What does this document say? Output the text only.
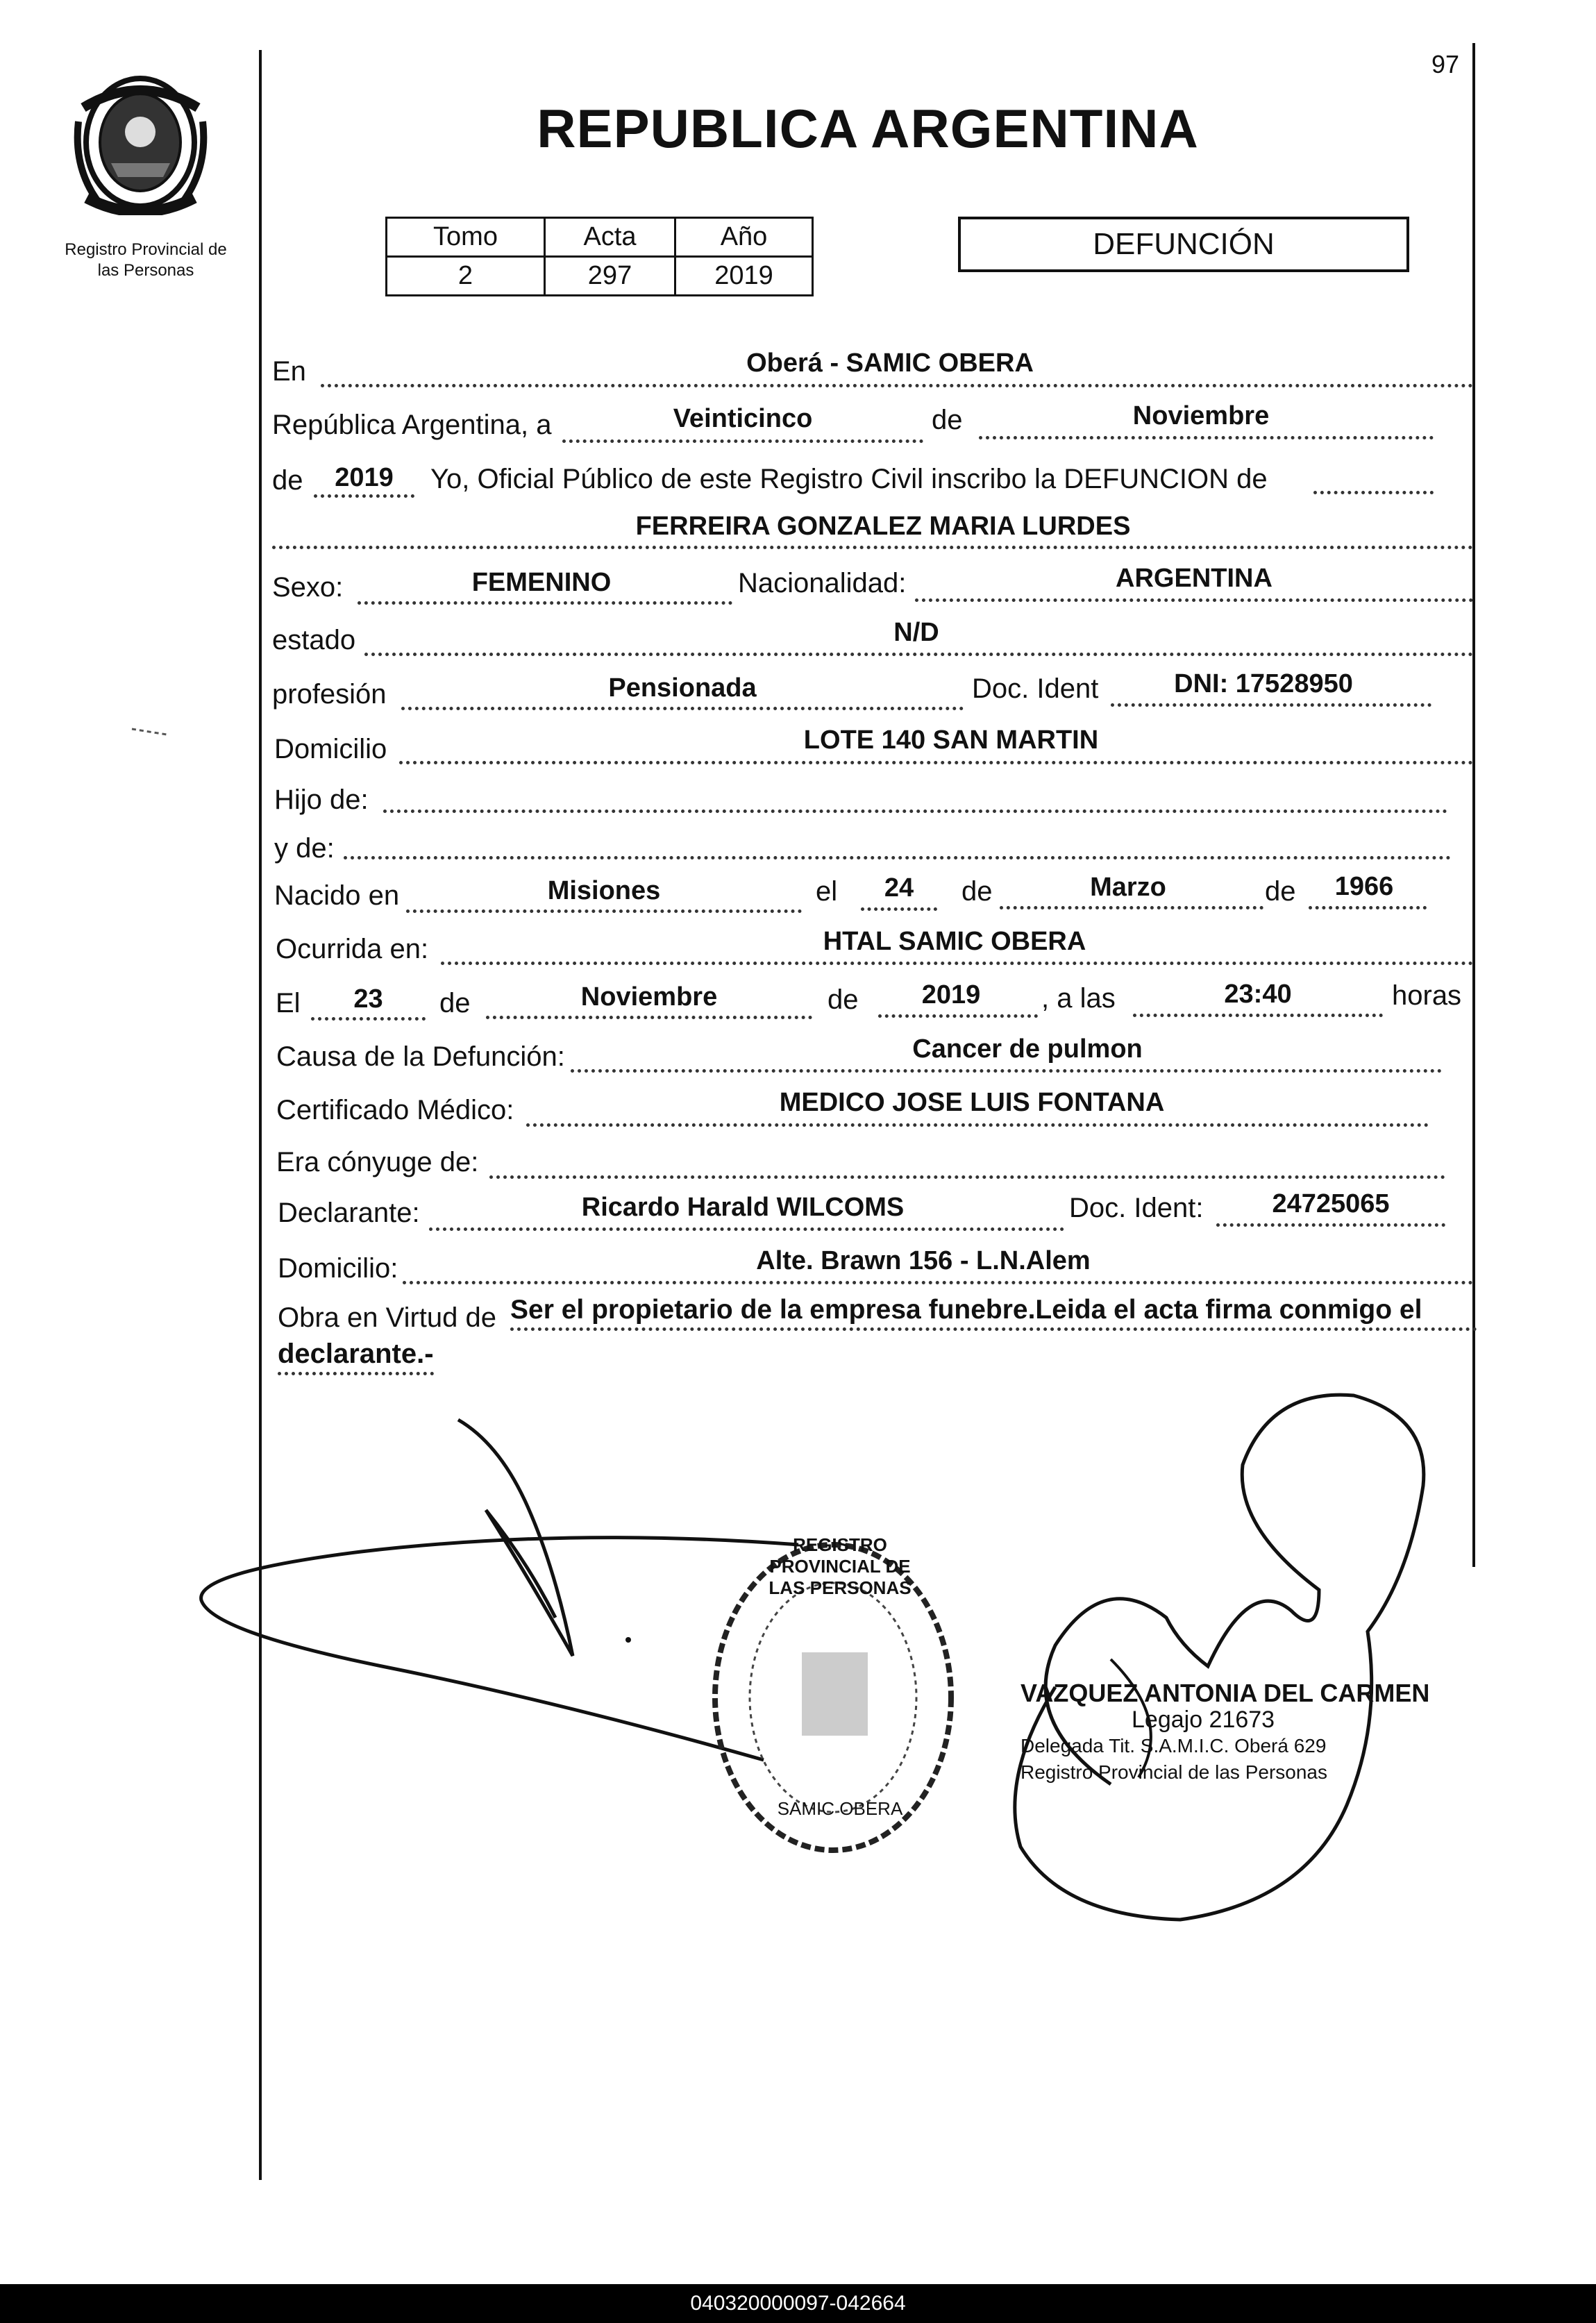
Registro Provincial de
las Personas
97
REPUBLICA ARGENTINA
Tomo	Acta	Año
2	297	2019
DEFUNCIÓN
En	Oberá - SAMIC OBERA
República Argentina, a	Veinticinco	de	Noviembre
de	2019	Yo, Oficial Público de este Registro Civil inscribo la DEFUNCION de
FERREIRA GONZALEZ MARIA LURDES
Sexo:	FEMENINO	Nacionalidad:	ARGENTINA
estado	N/D
profesión	Pensionada	Doc. Ident	DNI: 17528950
Domicilio	LOTE 140 SAN MARTIN
Hijo de:
y de:
Nacido en	Misiones	el	24	de	Marzo	de	1966
Ocurrida en:	HTAL SAMIC OBERA
El	23	de	Noviembre	de	2019	, a las	23:40	horas
Causa de la Defunción:	Cancer de pulmon
Certificado Médico:	MEDICO JOSE LUIS FONTANA
Era cónyuge de:
Declarante:	Ricardo Harald WILCOMS	Doc. Ident:	24725065
Domicilio:	Alte. Brawn 156 - L.N.Alem
Obra en Virtud de Ser el propietario de la empresa funebre.Leida el acta firma conmigo el
declarante.-
VAZQUEZ ANTONIA DEL CARMEN
Legajo 21673
Delegada Tit. S.A.M.I.C. Oberá 629
Registro Provincial de las Personas
REGISTRO PROVINCIAL DE LAS PERSONAS
SAMIC OBERA
040320000097-042664
